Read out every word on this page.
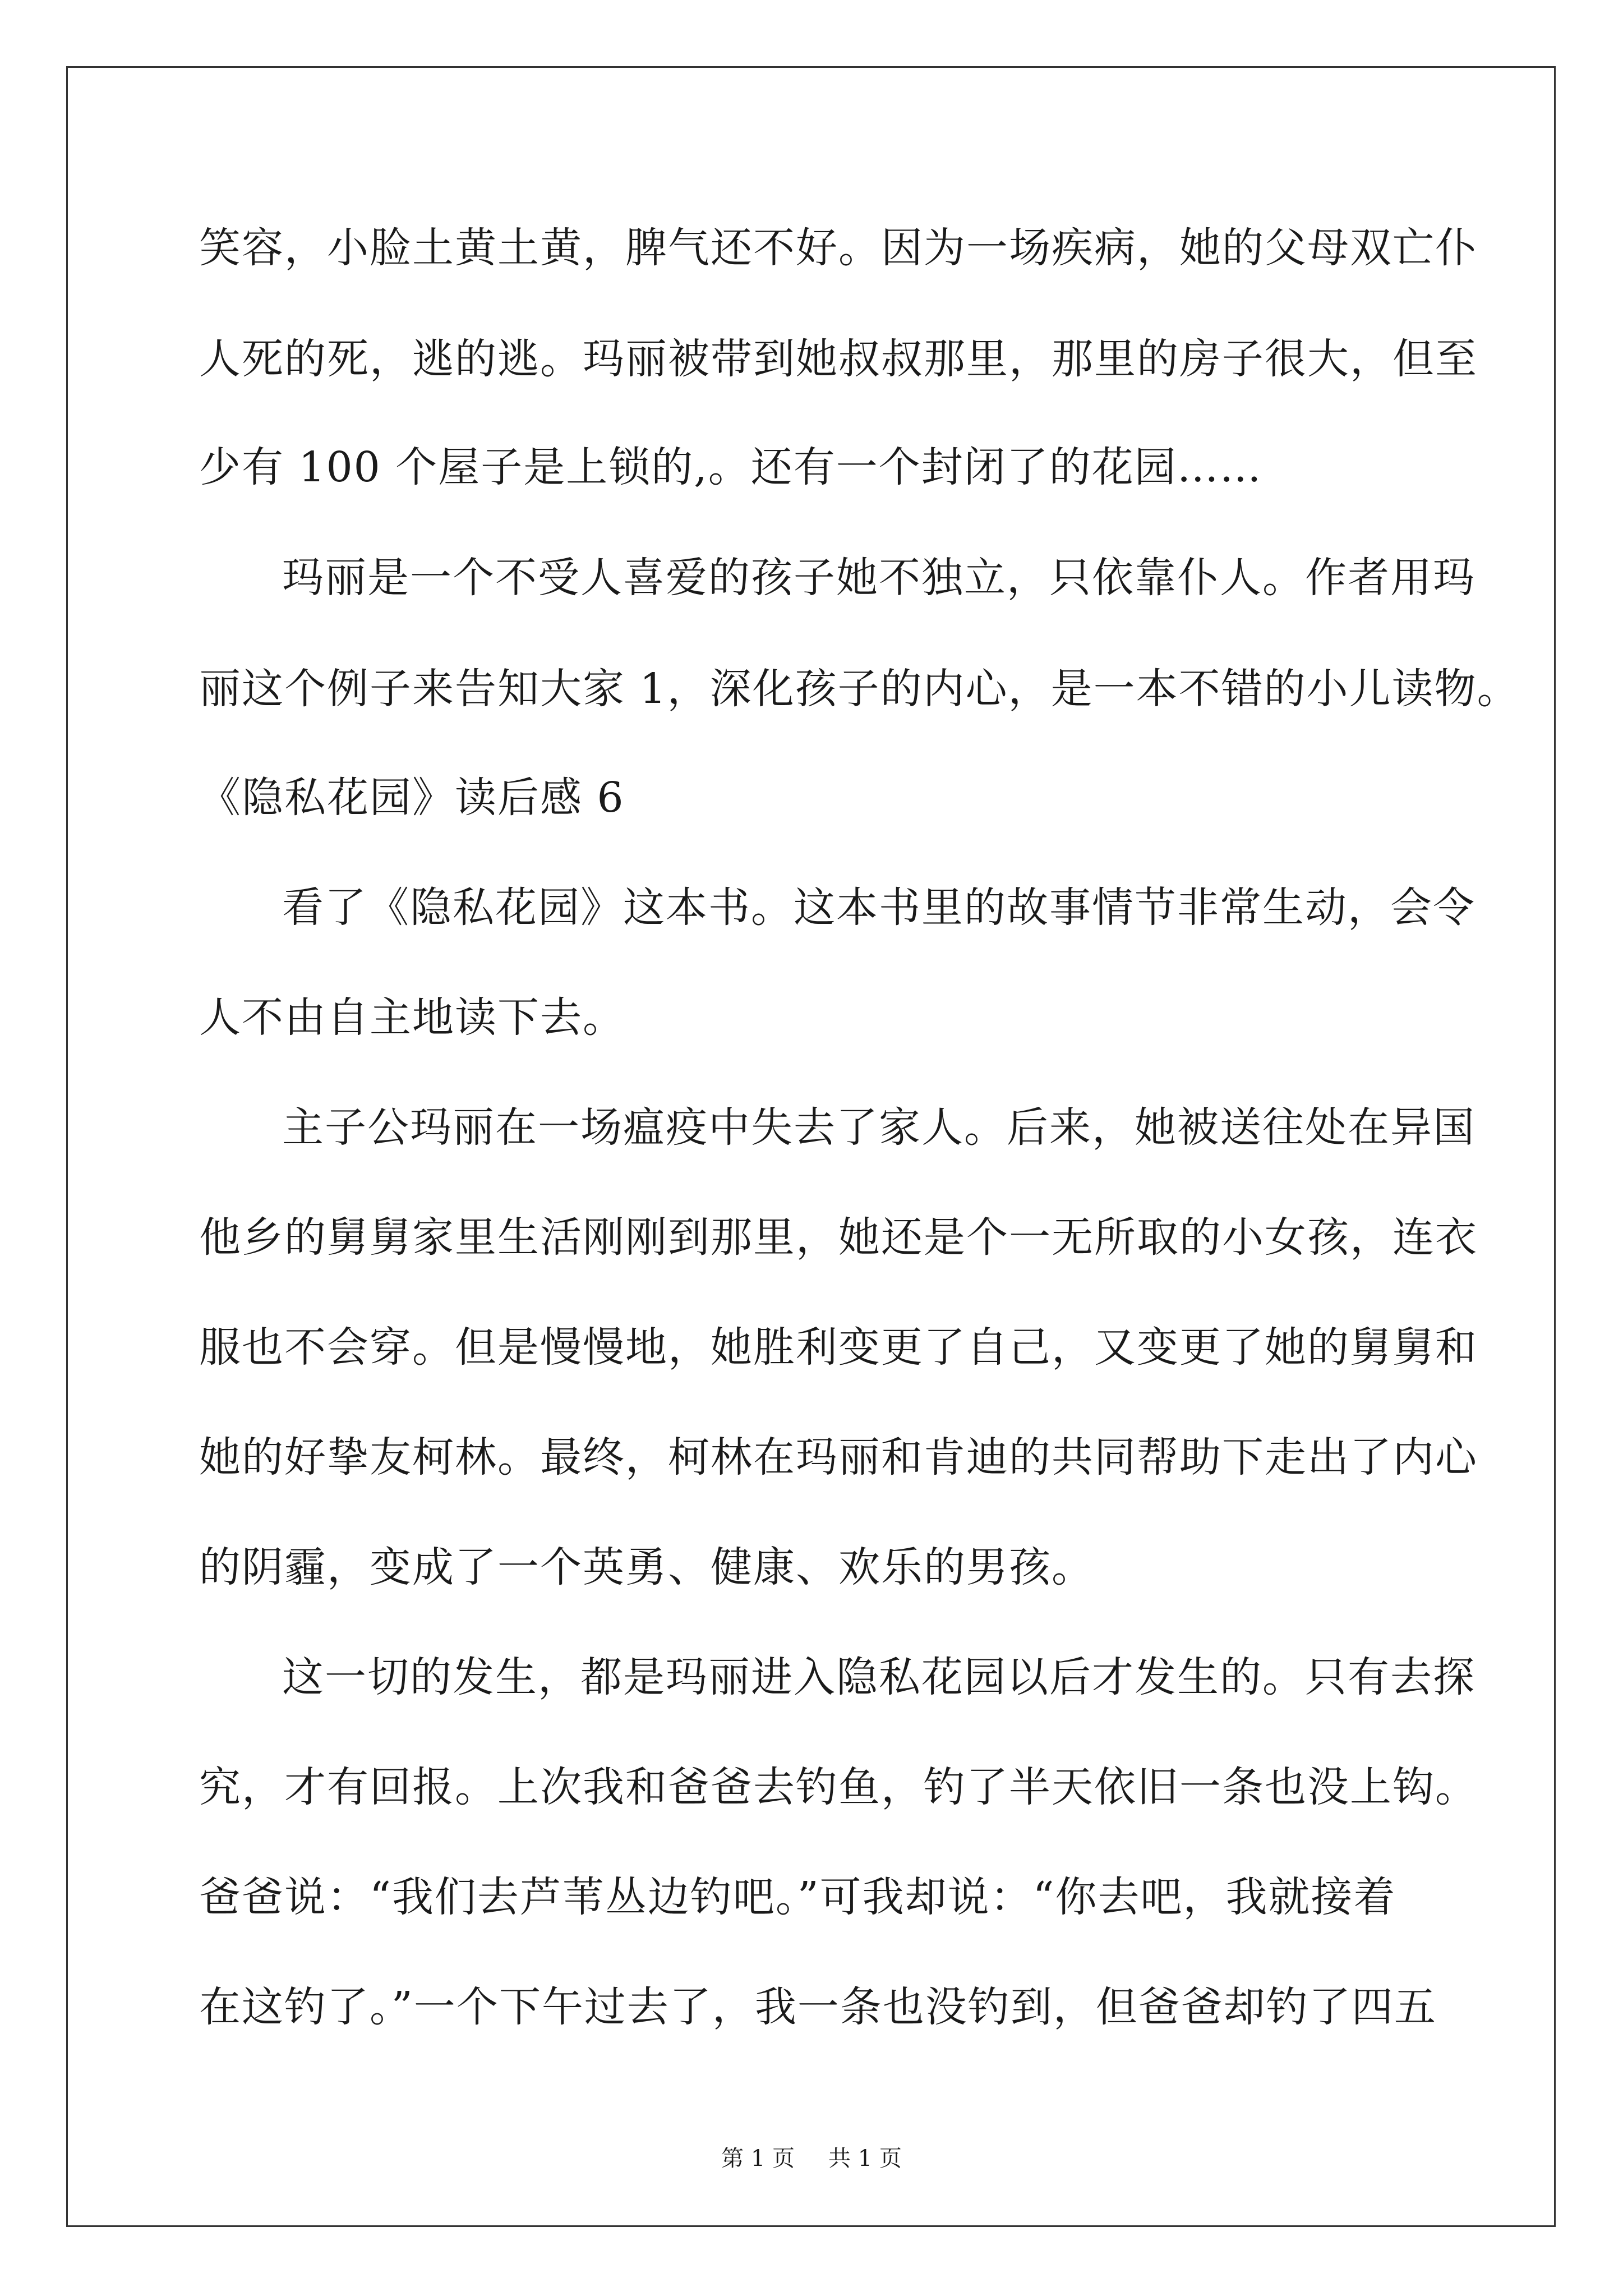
笑容，小脸土黄土黄，脾气还不好。因为一场疾病，她的父母双亡仆
人死的死，逃的逃。玛丽被带到她叔叔那里，那里的房子很大，但至
少有 100 个屋子是上锁的,。还有一个封闭了的花园……
玛丽是一个不受人喜爱的孩子她不独立，只依靠仆人。作者用玛
丽这个例子来告知大家 1，深化孩子的内心，是一本不错的小儿读物。
《隐私花园》读后感 6
看了《隐私花园》这本书。这本书里的故事情节非常生动，会令
人不由自主地读下去。
主子公玛丽在一场瘟疫中失去了家人。后来，她被送往处在异国
他乡的舅舅家里生活刚刚到那里，她还是个一无所取的小女孩，连衣
服也不会穿。但是慢慢地，她胜利变更了自己，又变更了她的舅舅和
她的好挚友柯林。最终，柯林在玛丽和肯迪的共同帮助下走出了内心
的阴霾，变成了一个英勇、健康、欢乐的男孩。
这一切的发生，都是玛丽进入隐私花园以后才发生的。只有去探
究，才有回报。上次我和爸爸去钓鱼，钓了半天依旧一条也没上钩。
爸爸说：“我们去芦苇丛边钓吧。”可我却说：“你去吧，我就接着
在这钓了。”一个下午过去了，我一条也没钓到，但爸爸却钓了四五
第 1 页 共 1 页
